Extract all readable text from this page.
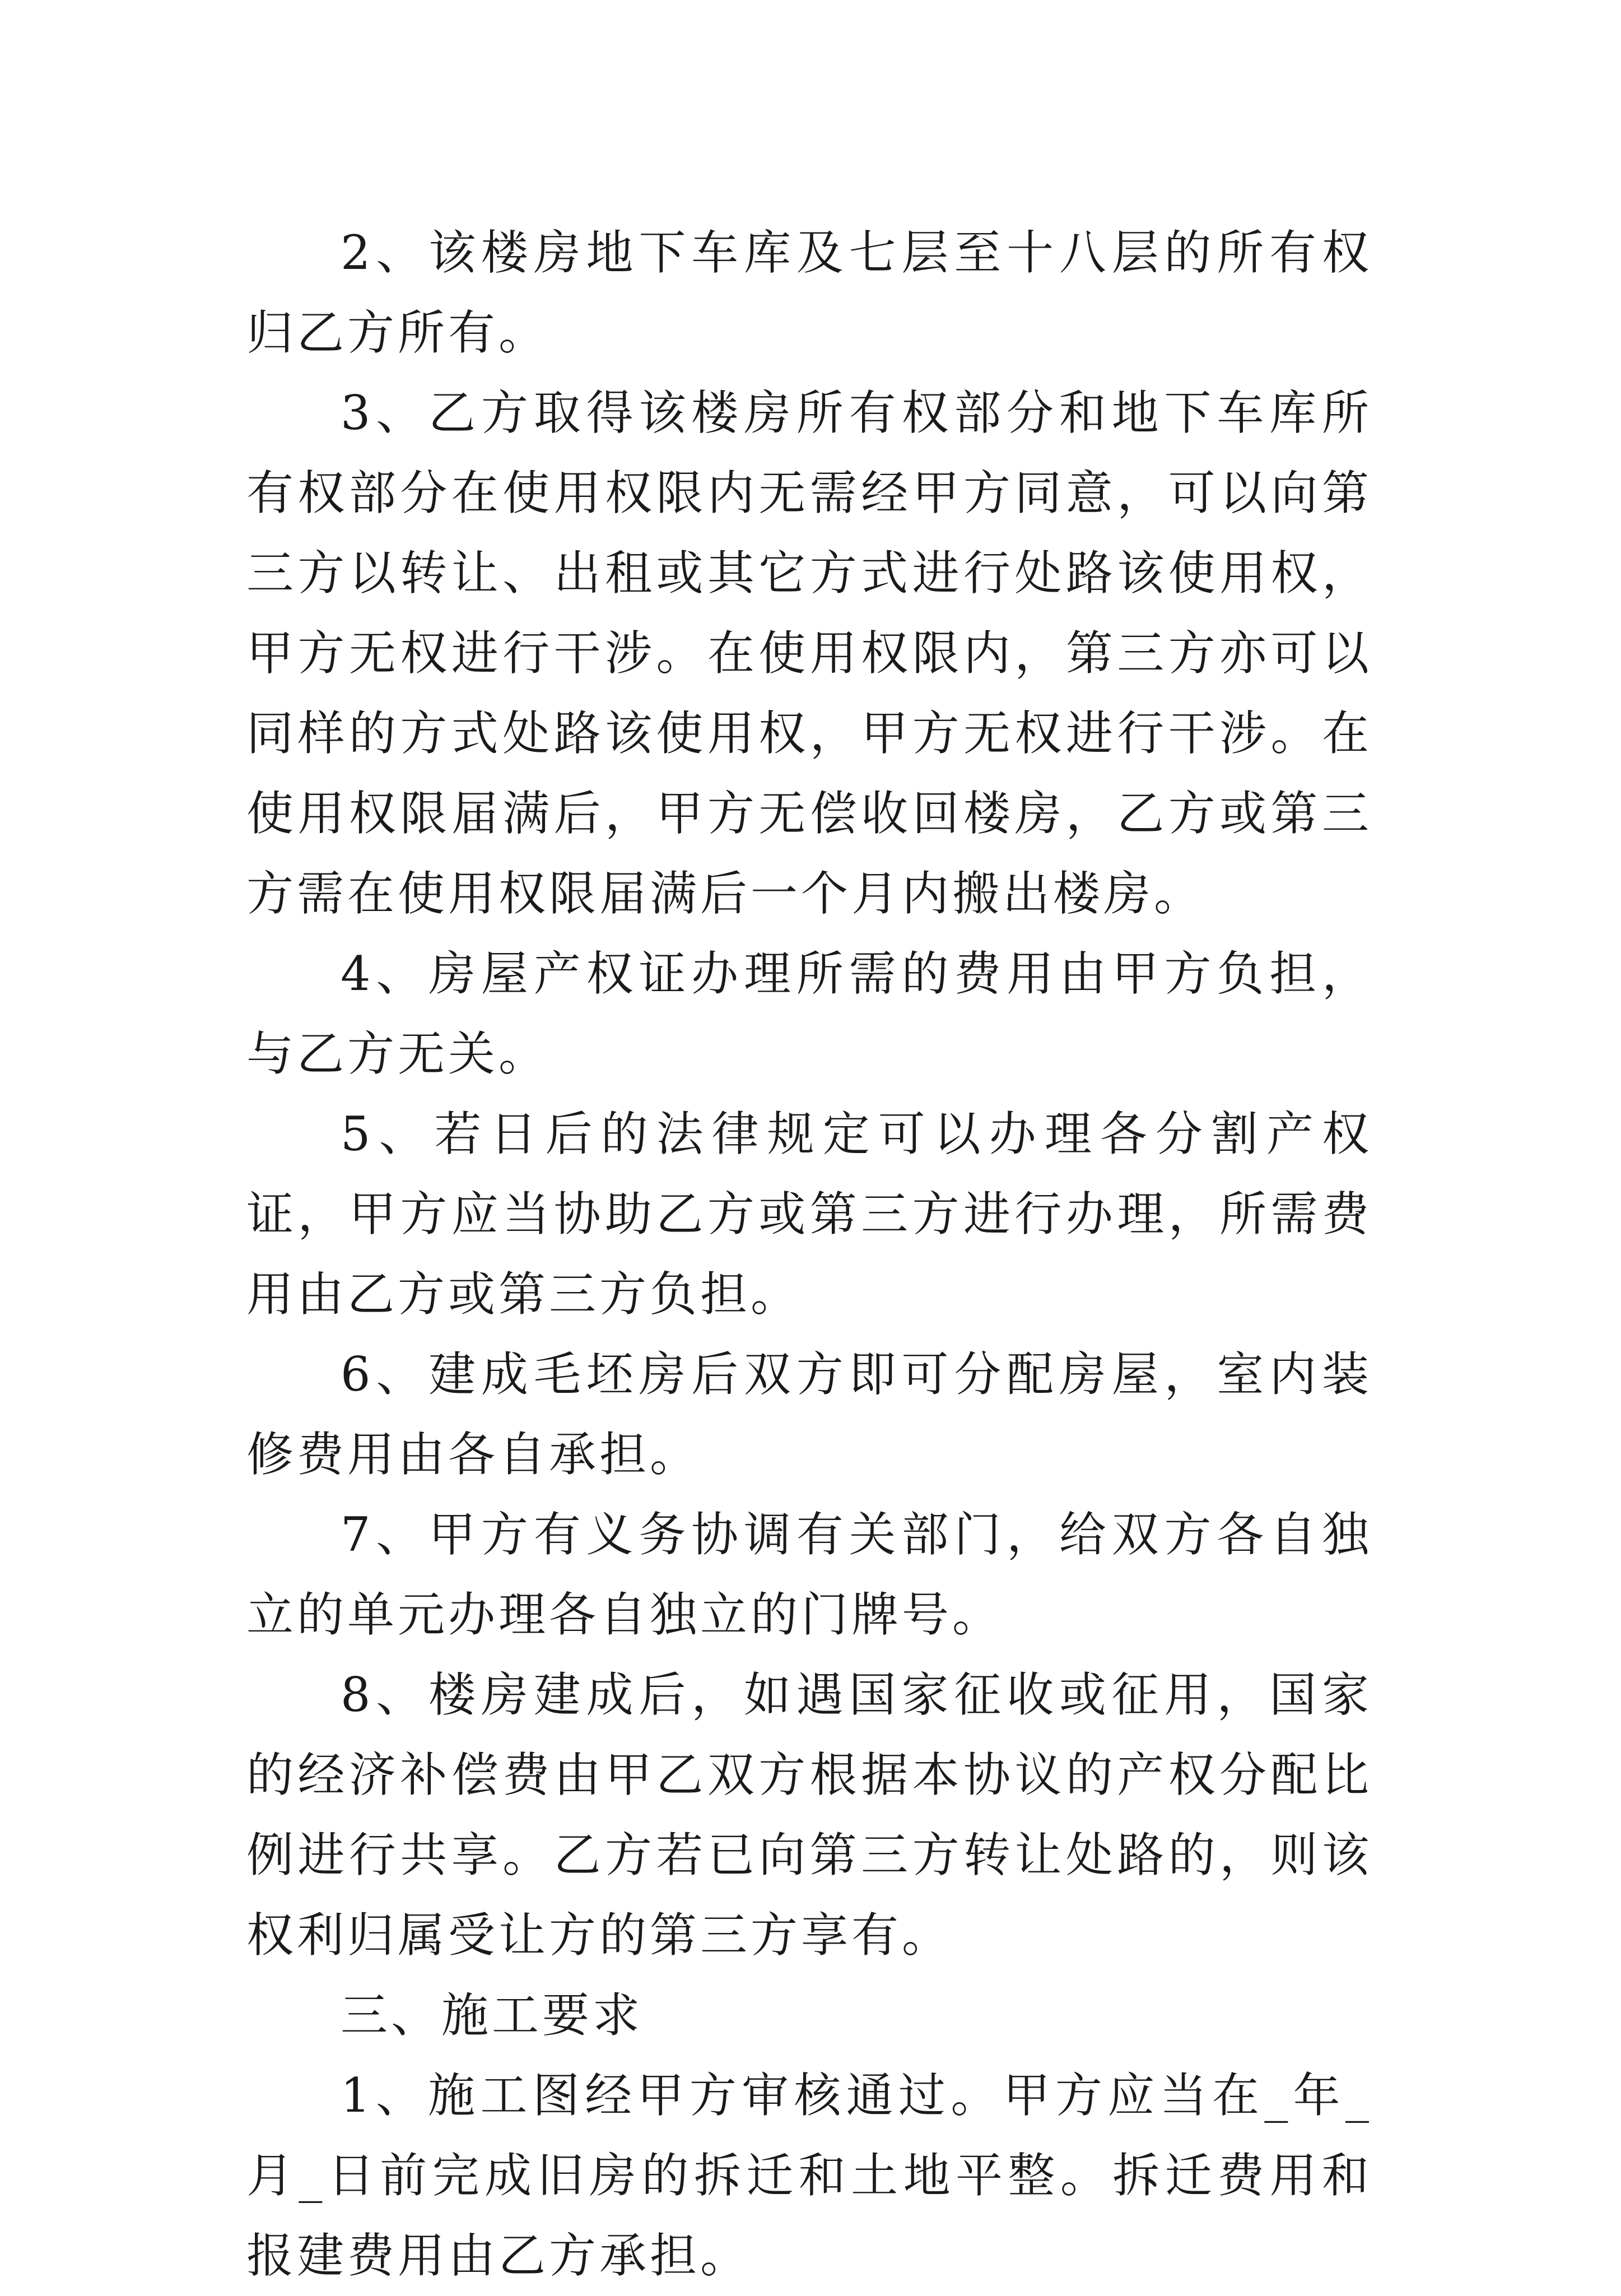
2、该楼房地下车库及七层至十八层的所有权归乙方所有。

3、乙方取得该楼房所有权部分和地下车库所有权部分在使用权限内无需经甲方同意，可以向第三方以转让、出租或其它方式进行处路该使用权，甲方无权进行干涉。在使用权限内，第三方亦可以同样的方式处路该使用权，甲方无权进行干涉。在使用权限届满后，甲方无偿收回楼房，乙方或第三方需在使用权限届满后一个月内搬出楼房。

4、房屋产权证办理所需的费用由甲方负担，与乙方无关。

5、若日后的法律规定可以办理各分割产权证，甲方应当协助乙方或第三方进行办理，所需费用由乙方或第三方负担。

6、建成毛坯房后双方即可分配房屋，室内装修费用由各自承担。

7、甲方有义务协调有关部门，给双方各自独立的单元办理各自独立的门牌号。

8、楼房建成后，如遇国家征收或征用，国家的经济补偿费由甲乙双方根据本协议的产权分配比例进行共享。乙方若已向第三方转让处路的，则该权利归属受让方的第三方享有。

三、施工要求

1、施工图经甲方审核通过。甲方应当在_年_月_日前完成旧房的拆迁和土地平整。拆迁费用和报建费用由乙方承担。
